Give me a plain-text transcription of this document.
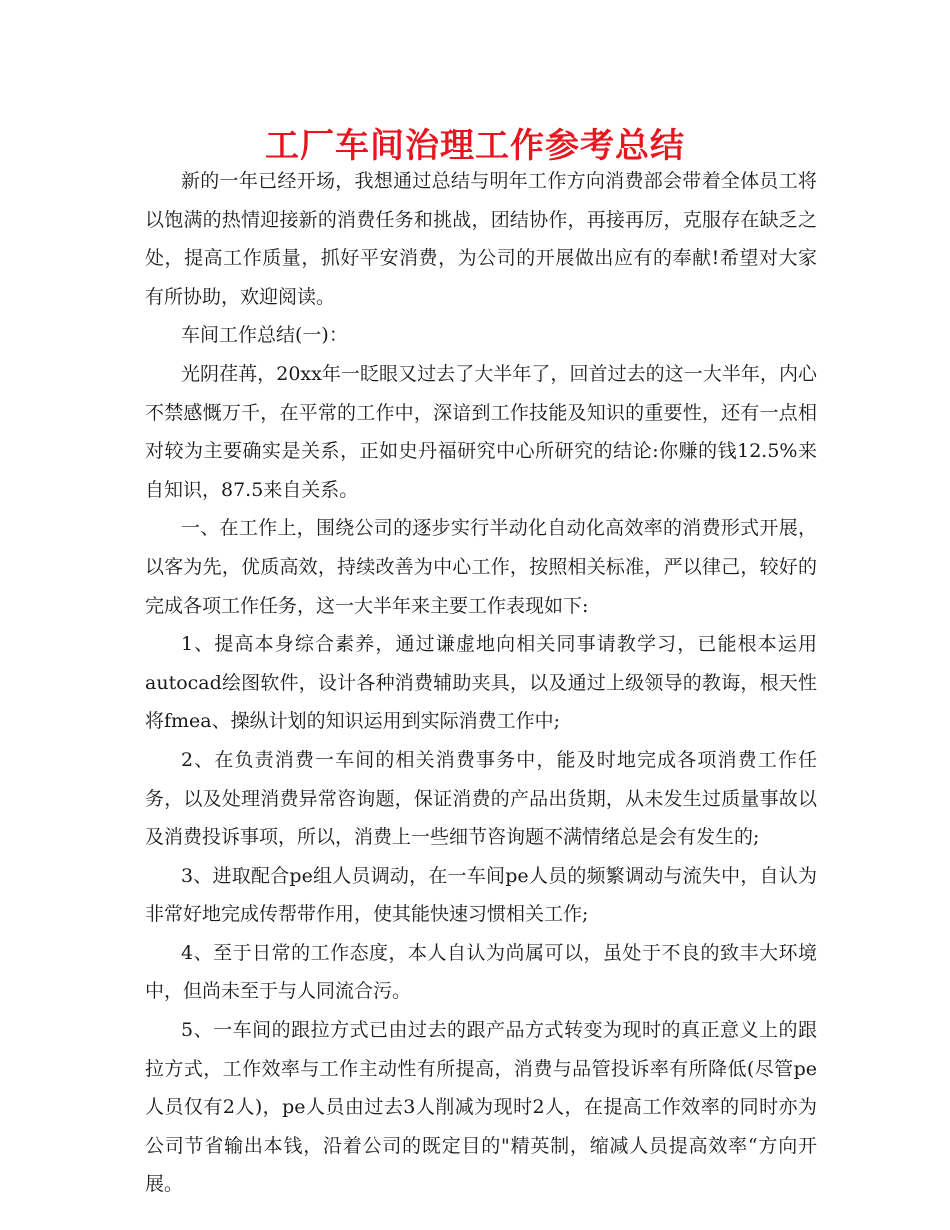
工厂车间治理工作参考总结

新的一年已经开场，我想通过总结与明年工作方向消费部会带着全体员工将以饱满的热情迎接新的消费任务和挑战，团结协作，再接再厉，克服存在缺乏之处，提高工作质量，抓好平安消费，为公司的开展做出应有的奉献!希望对大家有所协助，欢迎阅读。

车间工作总结(一)：

光阴荏苒，20xx年一眨眼又过去了大半年了，回首过去的这一大半年，内心不禁感慨万千，在平常的工作中，深谙到工作技能及知识的重要性，还有一点相对较为主要确实是关系，正如史丹福研究中心所研究的结论:你赚的钱12.5%来自知识，87.5来自关系。

一、在工作上，围绕公司的逐步实行半动化自动化高效率的消费形式开展，以客为先，优质高效，持续改善为中心工作，按照相关标准，严以律己，较好的完成各项工作任务，这一大半年来主要工作表现如下:

1、提高本身综合素养，通过谦虚地向相关同事请教学习，已能根本运用autocad绘图软件，设计各种消费辅助夹具，以及通过上级领导的教诲，根天性将fmea、操纵计划的知识运用到实际消费工作中;

2、在负责消费一车间的相关消费事务中，能及时地完成各项消费工作任务，以及处理消费异常咨询题，保证消费的产品出货期，从未发生过质量事故以及消费投诉事项，所以，消费上一些细节咨询题不满情绪总是会有发生的;

3、进取配合pe组人员调动，在一车间pe人员的频繁调动与流失中，自认为非常好地完成传帮带作用，使其能快速习惯相关工作;

4、至于日常的工作态度，本人自认为尚属可以，虽处于不良的致丰大环境中，但尚未至于与人同流合污。

5、一车间的跟拉方式已由过去的跟产品方式转变为现时的真正意义上的跟拉方式，工作效率与工作主动性有所提高，消费与品管投诉率有所降低(尽管pe人员仅有2人)，pe人员由过去3人削减为现时2人，在提高工作效率的同时亦为公司节省输出本钱，沿着公司的既定目的"精英制，缩减人员提高效率“方向开展。
